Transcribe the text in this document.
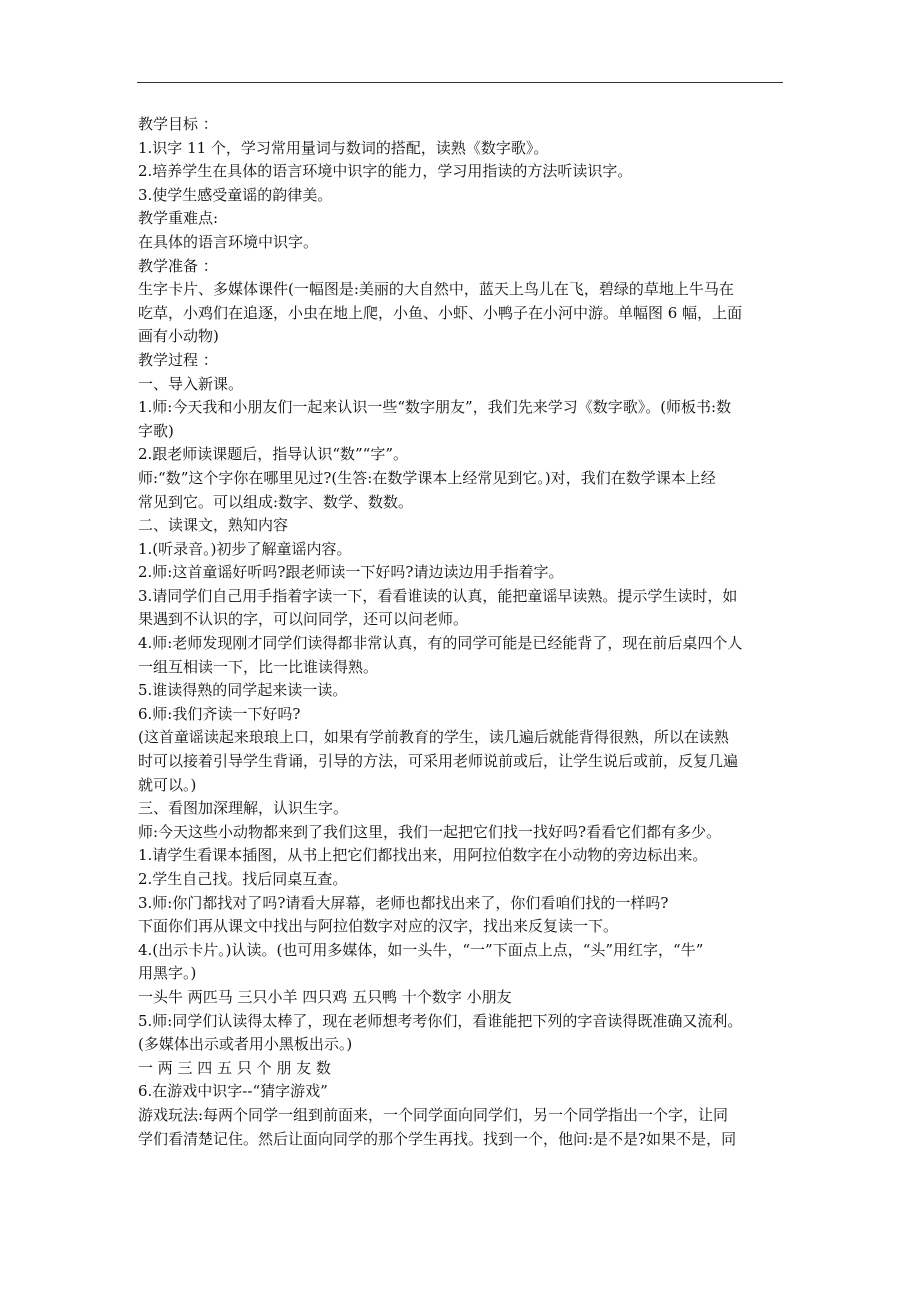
教学目标 ：
1.识字 11 个，学习常用量词与数词的搭配，读熟《数字歌》。
2.培养学生在具体的语言环境中识字的能力，学习用指读的方法听读识字。
3.使学生感受童谣的韵律美。
教学重难点:
在具体的语言环境中识字。
教学准备 ：
生字卡片、多媒体课件(一幅图是:美丽的大自然中，蓝天上鸟儿在飞，碧绿的草地上牛马在
吃草，小鸡们在追逐，小虫在地上爬，小鱼、小虾、小鸭子在小河中游。单幅图 6 幅，上面
画有小动物)
教学过程 ：
一、导入新课。
1.师:今天我和小朋友们一起来认识一些“数字朋友”，我们先来学习《数字歌》。(师板书:数
字歌)
2.跟老师读课题后，指导认识“数”“字”。
师:“数”这个字你在哪里见过?(生答:在数学课本上经常见到它。)对，我们在数学课本上经
常见到它。可以组成:数字、数学、数数。
二、读课文，熟知内容
1.(听录音。)初步了解童谣内容。
2.师:这首童谣好听吗?跟老师读一下好吗?请边读边用手指着字。
3.请同学们自己用手指着字读一下，看看谁读的认真，能把童谣早读熟。提示学生读时，如
果遇到不认识的字，可以问同学，还可以问老师。
4.师:老师发现刚才同学们读得都非常认真，有的同学可能是已经能背了，现在前后桌四个人
一组互相读一下，比一比谁读得熟。
5.谁读得熟的同学起来读一读。
6.师:我们齐读一下好吗?
(这首童谣读起来琅琅上口，如果有学前教育的学生，读几遍后就能背得很熟，所以在读熟
时可以接着引导学生背诵，引导的方法，可采用老师说前或后，让学生说后或前，反复几遍
就可以。)
三、看图加深理解，认识生字。
师:今天这些小动物都来到了我们这里，我们一起把它们找一找好吗?看看它们都有多少。
1.请学生看课本插图，从书上把它们都找出来，用阿拉伯数字在小动物的旁边标出来。
2.学生自己找。找后同桌互查。
3.师:你门都找对了吗?请看大屏幕，老师也都找出来了，你们看咱们找的一样吗?
下面你们再从课文中找出与阿拉伯数字对应的汉字，找出来反复读一下。
4.(出示卡片。)认读。(也可用多媒体，如一头牛，“一”下面点上点，“头”用红字，“牛”
用黑字。)
一头牛 两匹马 三只小羊 四只鸡 五只鸭 十个数字 小朋友
5.师:同学们认读得太棒了，现在老师想考考你们，看谁能把下列的字音读得既准确又流利。
(多媒体出示或者用小黑板出示。)
一 两 三 四 五 只 个 朋 友 数
6.在游戏中识字--“猜字游戏”
游戏玩法:每两个同学一组到前面来，一个同学面向同学们，另一个同学指出一个字，让同
学们看清楚记住。然后让面向同学的那个学生再找。找到一个，他问:是不是?如果不是，同
